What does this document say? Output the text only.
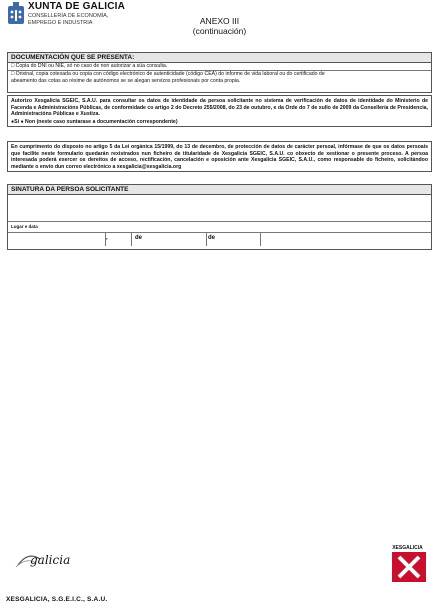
XUNTA DE GALICIA
CONSELLERÍA DE ECONOMÍA,
EMPREGO E INDUSTRIA	ANEXO III
(continuación)
DOCUMENTACIÓN QUE SE PRESENTA:
□ Copia do DNI ou NIE, só no caso de non autorizar a súa consulta.
□ Orixinal, copia cotexada ou copia con código electrónico de autenticidade (código CEA) do informe de vida laboral ou do certificado de
abeamento das cotas ao réxime de autónomos se se alegan servizos profesionais por conta propia.
Autorizo Xesgalicia SGEIC, S.A.U. para consultar os datos de identidade da persoa solicitante no sistema de verificación de datos de identidade do Ministerio de Facenda e Administracións Públicas, de conformidade co artigo 2 do Decreto 255/2008, do 23 de outubro, e da Orde do 7 de xullo de 2009 da Consellería de Presidencia, Administracións Públicas e Xustiza.
●Si ● Non (neste caso xuntarase a documentación correspondente)
En cumprimento do disposto no artigo 5 da Lei orgánica 15/1999, do 13 de decembro, de protección de datos de carácter persoal, infórmase de que os datos persoais que facilite neste formulario quedarán rexistrados nun ficheiro de titularidade de Xesgalicia SGEIC, S.A.U. co obxecto de xestionar o presente proceso. A persoa interesada poderá exercer os dereitos de acceso, rectificación, cancelación e oposición ante Xesgalicia SGEIC, S.A.U., como responsable do ficheiro, solicitándoo mediante o envío dun correo electrónico a xesgalicia@xesgalicia.org
SINATURA DA PERSOA SOLICITANTE
Lugar e data
,	de	de
galicia
XESGALICIA
XESGALICIA, S.G.E.I.C., S.A.U.
